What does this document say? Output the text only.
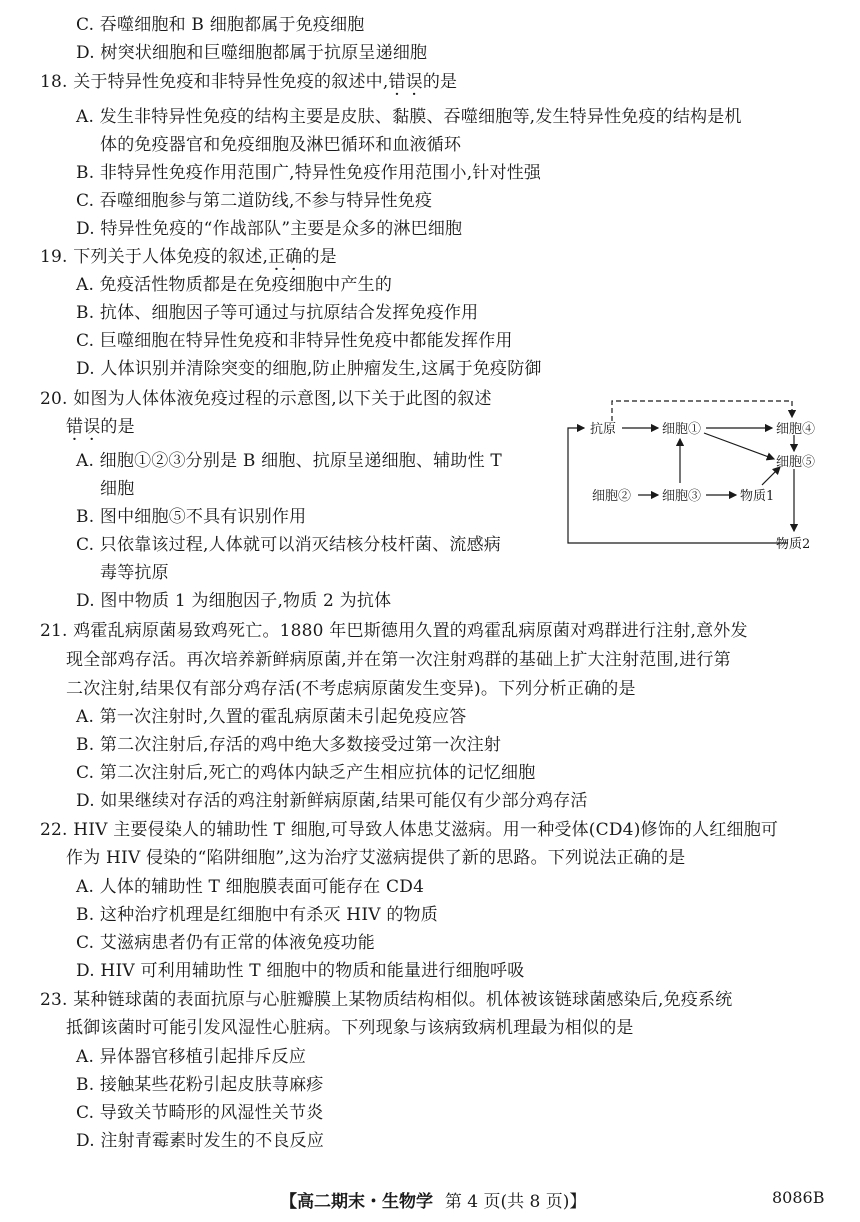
C. 吞噬细胞和 B 细胞都属于免疫细胞
D. 树突状细胞和巨噬细胞都属于抗原呈递细胞
18. 关于特异性免疫和非特异性免疫的叙述中,错误的是
A. 发生非特异性免疫的结构主要是皮肤、黏膜、吞噬细胞等,发生特异性免疫的结构是机
体的免疫器官和免疫细胞及淋巴循环和血液循环
B. 非特异性免疫作用范围广,特异性免疫作用范围小,针对性强
C. 吞噬细胞参与第二道防线,不参与特异性免疫
D. 特异性免疫的“作战部队”主要是众多的淋巴细胞
19. 下列关于人体免疫的叙述,正确的是
A. 免疫活性物质都是在免疫细胞中产生的
B. 抗体、细胞因子等可通过与抗原结合发挥免疫作用
C. 巨噬细胞在特异性免疫和非特异性免疫中都能发挥作用
D. 人体识别并清除突变的细胞,防止肿瘤发生,这属于免疫防御
20. 如图为人体体液免疫过程的示意图,以下关于此图的叙述
错误的是
A. 细胞①②③分别是 B 细胞、抗原呈递细胞、辅助性 T
细胞
B. 图中细胞⑤不具有识别作用
C. 只依靠该过程,人体就可以消灭结核分枝杆菌、流感病
毒等抗原
D. 图中物质 1 为细胞因子,物质 2 为抗体
抗原	细胞①	细胞④
细胞⑤
细胞② 细胞③	物质1
物质2
21. 鸡霍乱病原菌易致鸡死亡。1880 年巴斯德用久置的鸡霍乱病原菌对鸡群进行注射,意外发
现全部鸡存活。再次培养新鲜病原菌,并在第一次注射鸡群的基础上扩大注射范围,进行第
二次注射,结果仅有部分鸡存活(不考虑病原菌发生变异)。下列分析正确的是
A. 第一次注射时,久置的霍乱病原菌未引起免疫应答
B. 第二次注射后,存活的鸡中绝大多数接受过第一次注射
C. 第二次注射后,死亡的鸡体内缺乏产生相应抗体的记忆细胞
D. 如果继续对存活的鸡注射新鲜病原菌,结果可能仅有少部分鸡存活
22. HIV 主要侵染人的辅助性 T 细胞,可导致人体患艾滋病。用一种受体(CD4)修饰的人红细胞可
作为 HIV 侵染的“陷阱细胞”,这为治疗艾滋病提供了新的思路。下列说法正确的是
A. 人体的辅助性 T 细胞膜表面可能存在 CD4
B. 这种治疗机理是红细胞中有杀灭 HIV 的物质
C. 艾滋病患者仍有正常的体液免疫功能
D. HIV 可利用辅助性 T 细胞中的物质和能量进行细胞呼吸
23. 某种链球菌的表面抗原与心脏瓣膜上某物质结构相似。机体被该链球菌感染后,免疫系统
抵御该菌时可能引发风湿性心脏病。下列现象与该病致病机理最为相似的是
A. 异体器官移植引起排斥反应
B. 接触某些花粉引起皮肤荨麻疹
C. 导致关节畸形的风湿性关节炎
D. 注射青霉素时发生的不良反应
【高二期末・生物学 第 4 页(共 8 页)】	8086B
